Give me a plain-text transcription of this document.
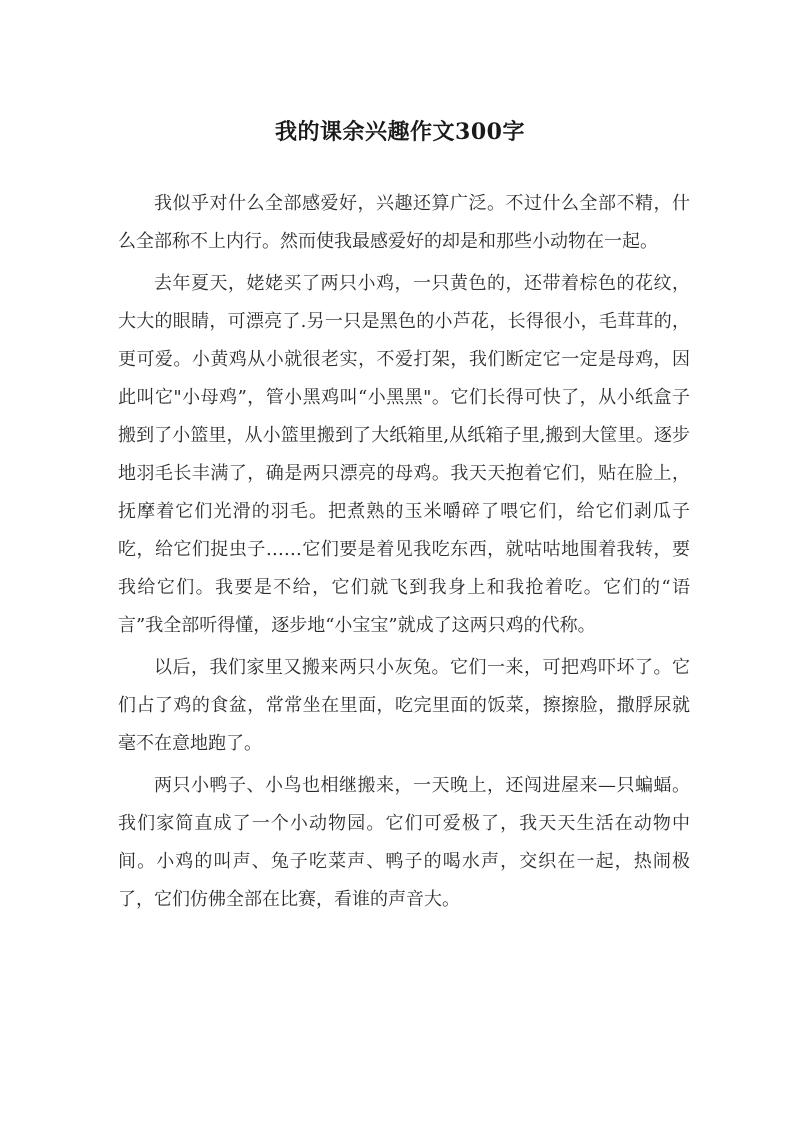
我的课余兴趣作文300字

我似乎对什么全部感爱好，兴趣还算广泛。不过什么全部不精，什么全部称不上内行。然而使我最感爱好的却是和那些小动物在一起。

去年夏天，姥姥买了两只小鸡，一只黄色的，还带着棕色的花纹，大大的眼睛，可漂亮了.另一只是黑色的小芦花，长得很小，毛茸茸的，更可爱。小黄鸡从小就很老实，不爱打架，我们断定它一定是母鸡，因此叫它"小母鸡”，管小黑鸡叫“小黑黑"。它们长得可快了，从小纸盒子搬到了小篮里，从小篮里搬到了大纸箱里,从纸箱子里,搬到大筐里。逐步地羽毛长丰满了，确是两只漂亮的母鸡。我天天抱着它们，贴在脸上，抚摩着它们光滑的羽毛。把煮熟的玉米嚼碎了喂它们，给它们剥瓜子吃，给它们捉虫子……它们要是着见我吃东西，就咕咕地围着我转，要我给它们。我要是不给，它们就飞到我身上和我抢着吃。它们的“语言”我全部听得懂，逐步地“小宝宝”就成了这两只鸡的代称。

以后，我们家里又搬来两只小灰兔。它们一来，可把鸡吓坏了。它们占了鸡的食盆，常常坐在里面，吃完里面的饭菜，擦擦脸，撒脬尿就毫不在意地跑了。

两只小鸭子、小鸟也相继搬来，一天晚上，还闯进屋来—只蝙蝠。我们家简直成了一个小动物园。它们可爱极了，我天天生活在动物中间。小鸡的叫声、兔子吃菜声、鸭子的喝水声，交织在一起，热闹极了，它们仿佛全部在比赛，看谁的声音大。
